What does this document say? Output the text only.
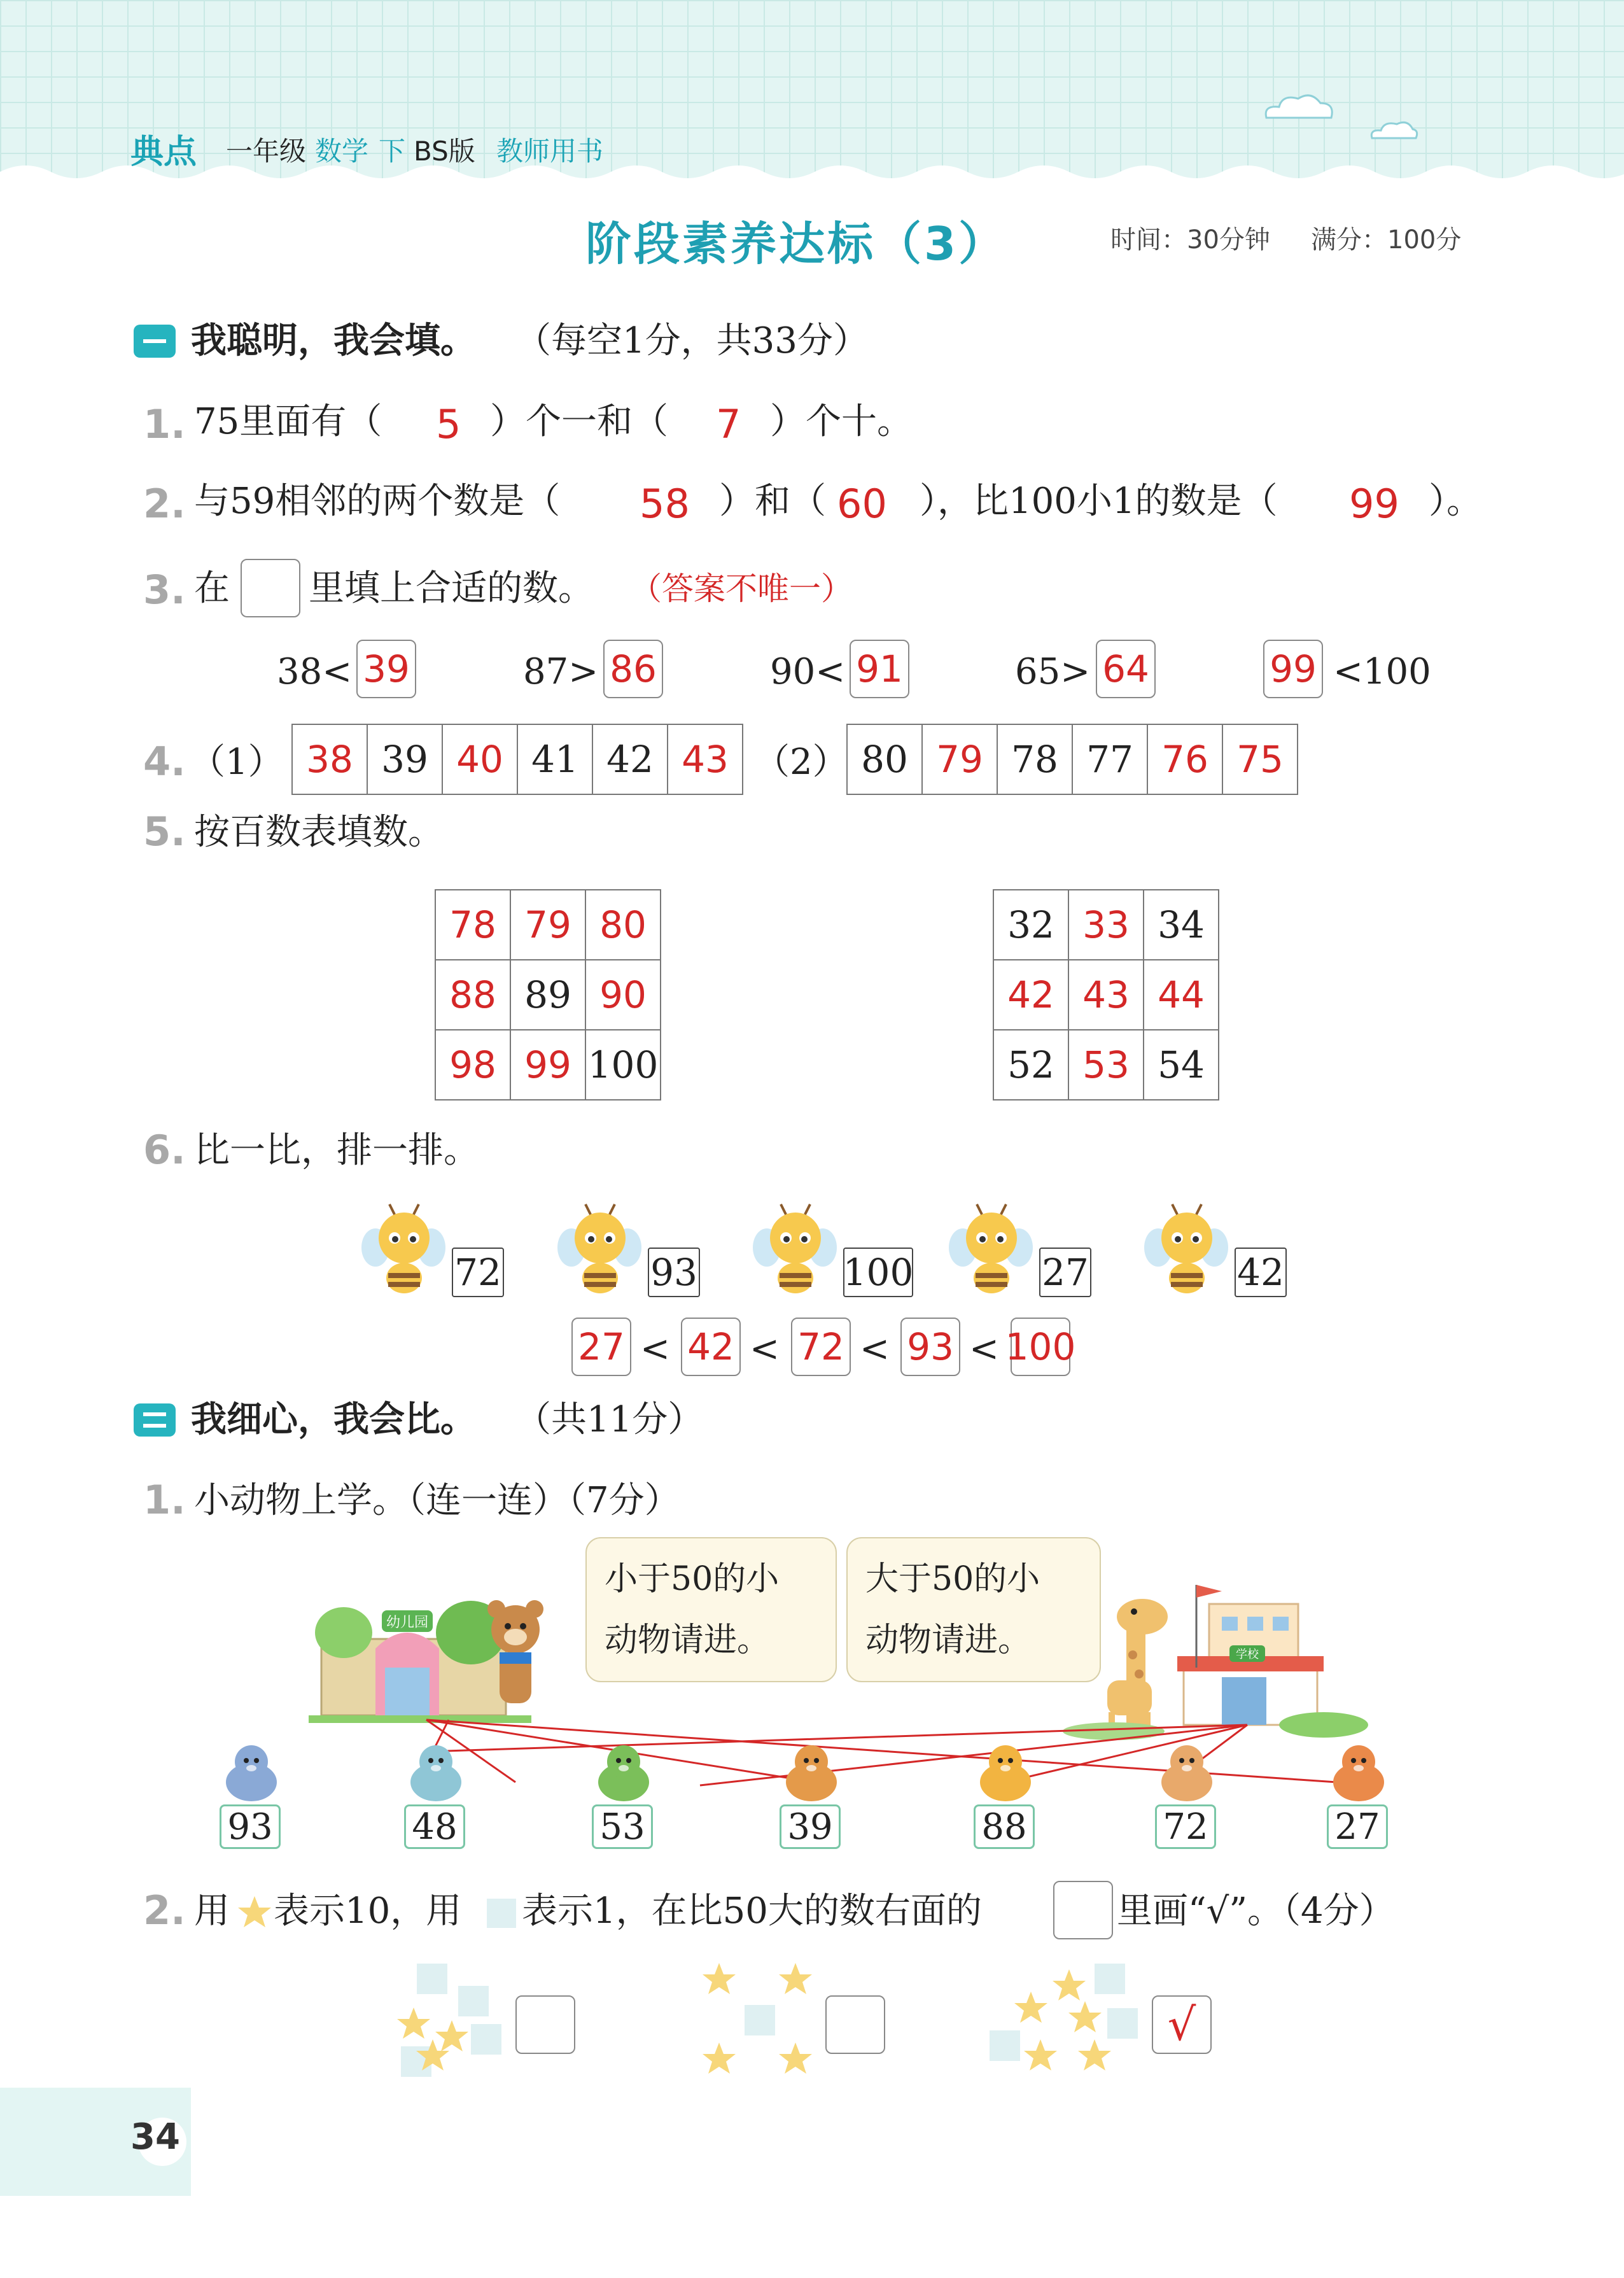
典点 一年级 数学 下 BS版 教师用书
阶段素养达标（3）	时间：30分钟 满分：100分
我聪明，我会填。 （每空1分，共33分）
1. 75里面有（ 5 ）个一和（ 7 ）个十。
2. 与59相邻的两个数是（ 58 ）和（ 60 ），比100小1的数是（ 99 ）。
3. 在 里填上合适的数。 （答案不唯一）
38< 39	87> 86	90< 91	65> 64	99 <100
4. （1） 38	39	40	41	42	43 （2） 80	79	78	77	76	75
5. 按百数表填数。
78	79	80
88	89	90
98	99	100
32	33	34
42	43	44
52	53	54
6. 比一比，排一排。
72	93	100	27	42
27 < 42 < 72 < 93 < 100
我细心，我会比。 （共11分）
1. 小动物上学。（连一连）（7分）
小于50的小
动物请进。
大于50的小
动物请进。
幼儿园
学校
93	48	53	39	88	72	27
2. 用 表示10，用 表示1，在比50大的数右面的	里画“√”。（4分）
√
34
